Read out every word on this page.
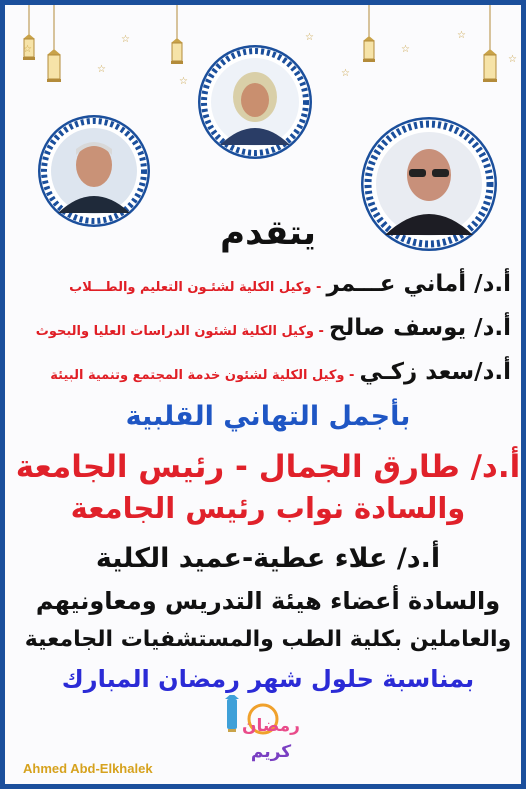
☆
☆
☆
☆
☆
☆
☆
☆
☆
يتقدم
أ.د/ أماني عـــمر - وكيل الكلية لشئـون التعليم والطـــلاب
أ.د/ يوسف صالح - وكيل الكلية لشئون الدراسات العليا والبحوث
أ.د/سعد زكـي - وكيل الكلية لشئون خدمة المجتمع وتنمية البيئة
بأجمل التهاني القلبية
أ.د/ طارق الجمال - رئيس الجامعة
والسادة نواب رئيس الجامعة
أ.د/ علاء عطية-عميد الكلية
والسادة أعضاء هيئة التدريس ومعاونيهم
والعاملين بكلية الطب والمستشفيات الجامعية
بمناسبة حلول شهر رمضان المبارك
رمضان
كريم
Ahmed Abd-Elkhalek
